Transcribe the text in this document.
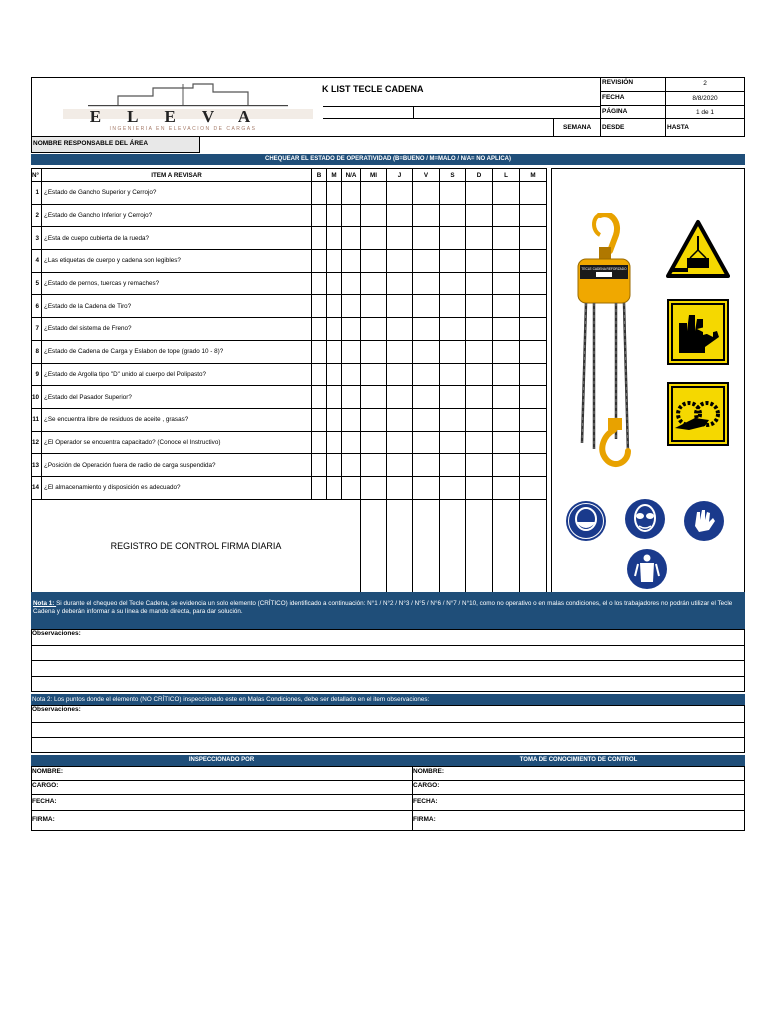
ELEVA
INGENIERIA EN ELEVACION DE CARGAS
K LIST TECLE CADENA
REVISIÓN	2
FECHA	8/8/2020
PÁGINA	1 de 1
SEMANA DESDE	HASTA
NOMBRE RESPONSABLE DEL ÁREA
CHEQUEAR EL ESTADO DE OPERATIVIDAD (B=BUENO / M=MALO / N/A= NO APLICA)
N°	ITEM A REVISAR	B	M	N/A	MI	J	V	S	D	L	M
1	¿Estado de Gancho Superior y Cerrojo?										
2	¿Estado de Gancho Inferior y Cerrojo?										
3	¿Esta de cuepo cubierta de la rueda?										
4	¿Las etiquetas de cuerpo y cadena son legibles?										
5	¿Estado de pernos, tuercas y remaches?										
6	¿Estado de la Cadena de Tiro?										
7	¿Estado del sistema de Freno?										
8	¿Estado de Cadena de Carga y Eslabon de tope (grado 10 - 8)?										
9	¿Estado de Argolla tipo "D" unido al cuerpo del Polipasto?										
10	¿Estado del Pasador Superior?										
11	¿Se encuentra libre de residuos de aceite , grasas?										
12	¿El Operador se encuentra capacitado? (Conoce el Instructivo)										
13	¿Posición de Operación fuera de radio de carga suspendida?										
14	¿El almacenamiento y disposición es adecuado?										
REGISTRO DE CONTROL FIRMA DIARIA											
TECLE CADENA REFORZADO
Nota 1: Si durante el chequeo del Tecle Cadena, se evidencia un solo elemento (CRÍTICO) identificado a continuación: N°1 / N°2 / N°3 / N°5 / N°6 / N°7 / N°10, como no operativo o en malas condiciones, el o los trabajadores no podrán utilizar el Tecle Cadena y deberán informar a su línea de mando directa, para dar solución.
Observaciones:
Nota 2: Los puntos donde el elemento (NO CRÍTICO) inspeccionado este en Malas Condiciones, debe ser detallado en el item observaciones:
Observaciones:
INSPECCIONADO POR	TOMA DE CONOCIMIENTO DE CONTROL
NOMBRE:
CARGO:
FECHA:
FIRMA:
NOMBRE:
CARGO:
FECHA:
FIRMA:
